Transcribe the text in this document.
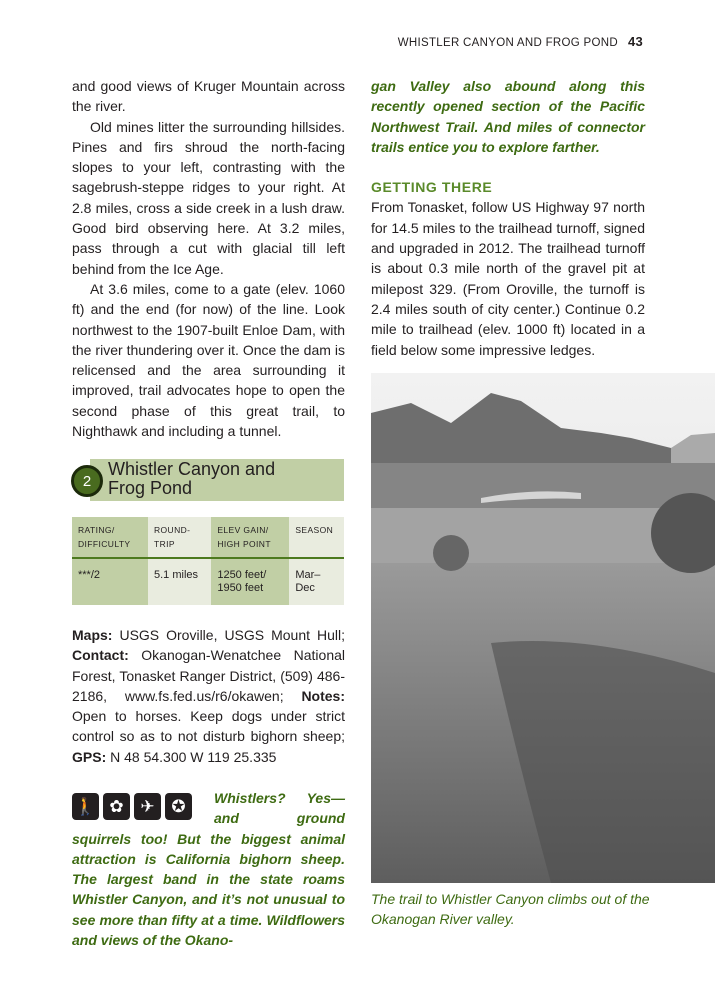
WHISTLER CANYON AND FROG POND 43

and good views of Kruger Mountain across the river.

Old mines litter the surrounding hillsides. Pines and firs shroud the north-facing slopes to your left, contrasting with the sagebrush-steppe ridges to your right. At 2.8 miles, cross a side creek in a lush draw. Good bird observing here. At 3.2 miles, pass through a cut with glacial till left behind from the Ice Age.

At 3.6 miles, come to a gate (elev. 1060 ft) and the end (for now) of the line. Look northwest to the 1907-built Enloe Dam, with the river thundering over it. Once the dam is relicensed and the area surrounding it improved, trail advocates hope to open the second phase of this great trail, to Nighthawk and including a tunnel.

2
Whistler Canyon and Frog Pond
RATING/ DIFFICULTY	ROUND-TRIP	ELEV GAIN/ HIGH POINT	SEASON
***/2	5.1 miles	1250 feet/ 1950 feet	Mar–Dec
Maps: USGS Oroville, USGS Mount Hull; Contact: Okanogan-Wenatchee National Forest, Tonasket Ranger District, (509) 486-2186, www.fs.fed.us/r6/okawen; Notes: Open to horses. Keep dogs under strict control so as to not disturb bighorn sheep; GPS: N 48 54.300 W 119 25.335
Whistlers? Yes—and ground squirrels too! But the biggest animal attraction is California bighorn sheep. The largest band in the state roams Whistler Canyon, and it’s not unusual to see more than fifty at a time. Wildflowers and views of the Okano-
🚶 ✿ ✈ ✪

gan Valley also abound along this recently opened section of the Pacific Northwest Trail. And miles of connector trails entice you to explore farther.

GETTING THERE

From Tonasket, follow US Highway 97 north for 14.5 miles to the trailhead turnoff, signed and upgraded in 2012. The trailhead turnoff is about 0.3 mile north of the gravel pit at milepost 329. (From Oroville, the turnoff is 2.4 miles south of city center.) Continue 0.2 mile to trailhead (elev. 1000 ft) located in a field below some impressive ledges.

The trail to Whistler Canyon climbs out of the Okanogan River valley.
